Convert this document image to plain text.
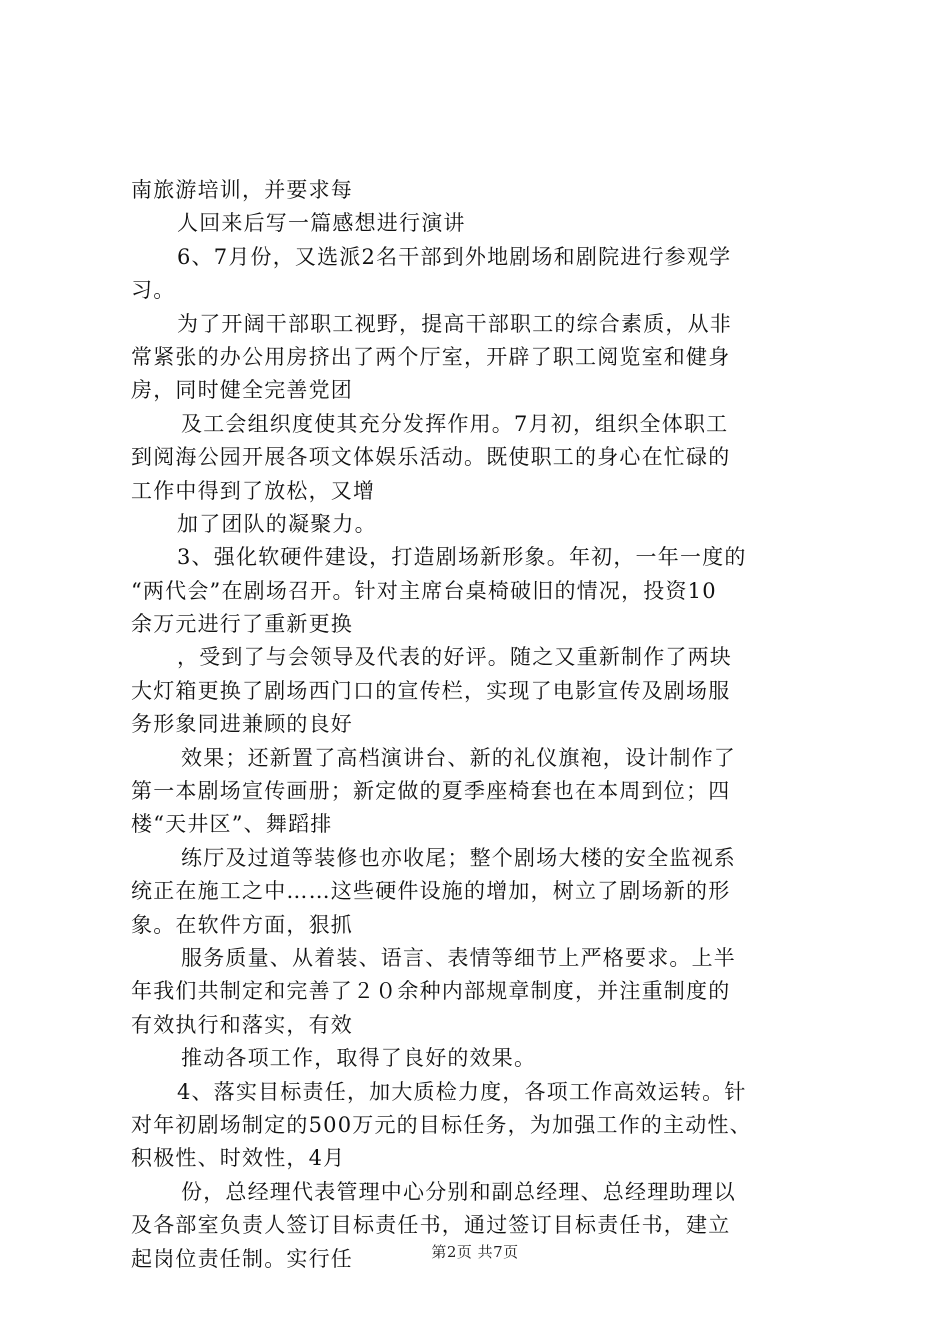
南旅游培训，并要求每
人回来后写一篇感想进行演讲
6、7月份，又选派2名干部到外地剧场和剧院进行参观学
习。
为了开阔干部职工视野，提高干部职工的综合素质，从非
常紧张的办公用房挤出了两个厅室，开辟了职工阅览室和健身
房，同时健全完善党团
及工会组织度使其充分发挥作用。7月初，组织全体职工
到阅海公园开展各项文体娱乐活动。既使职工的身心在忙碌的
工作中得到了放松，又增
加了团队的凝聚力。
3、强化软硬件建设，打造剧场新形象。年初，一年一度的
“两代会”在剧场召开。针对主席台桌椅破旧的情况，投资10
余万元进行了重新更换
，受到了与会领导及代表的好评。随之又重新制作了两块
大灯箱更换了剧场西门口的宣传栏，实现了电影宣传及剧场服
务形象同进兼顾的良好
效果；还新置了高档演讲台、新的礼仪旗袍，设计制作了
第一本剧场宣传画册；新定做的夏季座椅套也在本周到位；四
楼“天井区”、舞蹈排
练厅及过道等装修也亦收尾；整个剧场大楼的安全监视系
统正在施工之中……这些硬件设施的增加，树立了剧场新的形
象。在软件方面，狠抓
服务质量、从着装、语言、表情等细节上严格要求。上半
年我们共制定和完善了２０余种内部规章制度，并注重制度的
有效执行和落实，有效
推动各项工作，取得了良好的效果。
4、落实目标责任，加大质检力度，各项工作高效运转。针
对年初剧场制定的500万元的目标任务，为加强工作的主动性、
积极性、时效性，4月
份，总经理代表管理中心分别和副总经理、总经理助理以
及各部室负责人签订目标责任书，通过签订目标责任书，建立
起岗位责任制。实行任	第2页 共7页
